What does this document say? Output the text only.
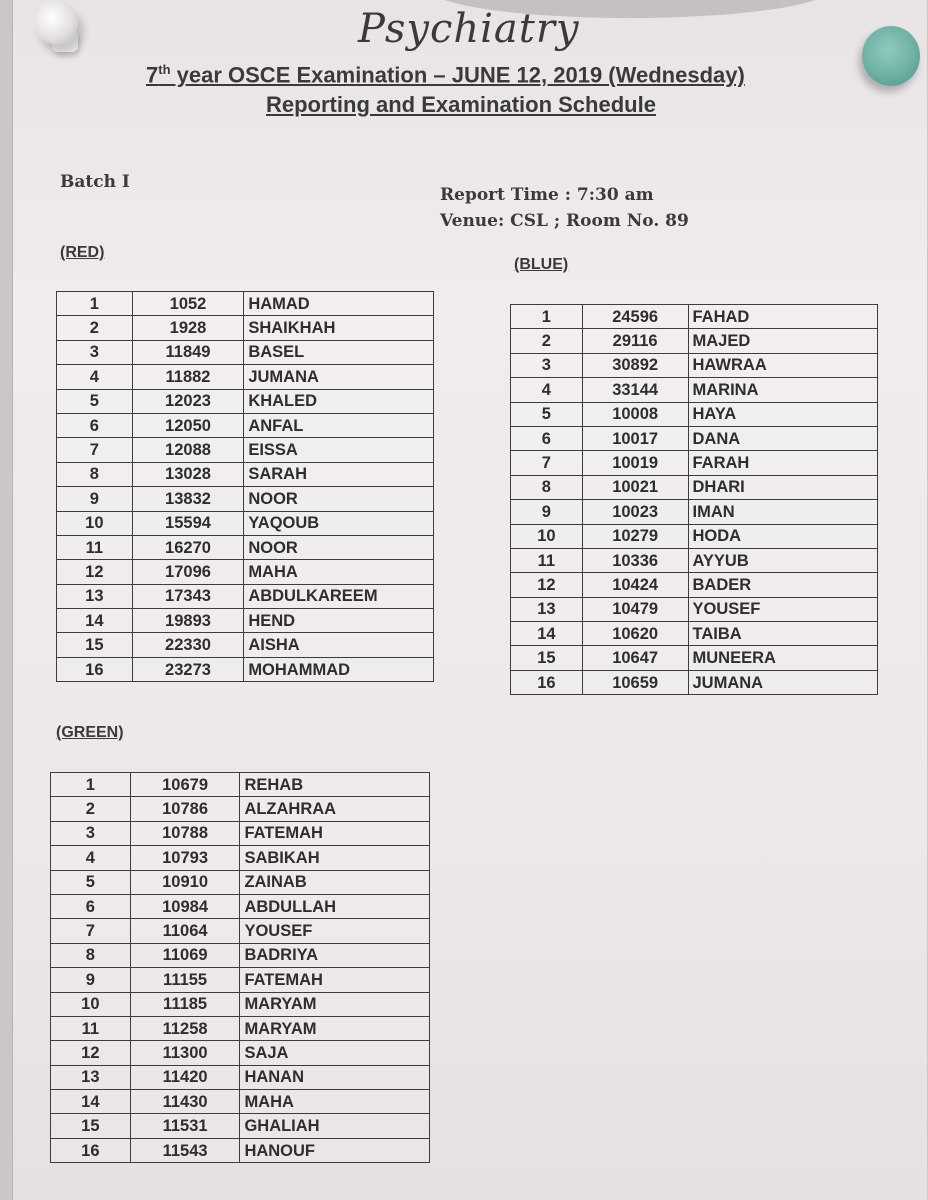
Psychiatry
7th year OSCE Examination – JUNE 12, 2019 (Wednesday)
Reporting and Examination Schedule
Batch I
Report Time : 7:30 am
Venue: CSL ; Room No. 89
(RED)
1	1052	HAMAD
2	1928	SHAIKHAH
3	11849	BASEL
4	11882	JUMANA
5	12023	KHALED
6	12050	ANFAL
7	12088	EISSA
8	13028	SARAH
9	13832	NOOR
10	15594	YAQOUB
11	16270	NOOR
12	17096	MAHA
13	17343	ABDULKAREEM
14	19893	HEND
15	22330	AISHA
16	23273	MOHAMMAD
(BLUE)
1	24596	FAHAD
2	29116	MAJED
3	30892	HAWRAA
4	33144	MARINA
5	10008	HAYA
6	10017	DANA
7	10019	FARAH
8	10021	DHARI
9	10023	IMAN
10	10279	HODA
11	10336	AYYUB
12	10424	BADER
13	10479	YOUSEF
14	10620	TAIBA
15	10647	MUNEERA
16	10659	JUMANA
(GREEN)
1	10679	REHAB
2	10786	ALZAHRAA
3	10788	FATEMAH
4	10793	SABIKAH
5	10910	ZAINAB
6	10984	ABDULLAH
7	11064	YOUSEF
8	11069	BADRIYA
9	11155	FATEMAH
10	11185	MARYAM
11	11258	MARYAM
12	11300	SAJA
13	11420	HANAN
14	11430	MAHA
15	11531	GHALIAH
16	11543	HANOUF
